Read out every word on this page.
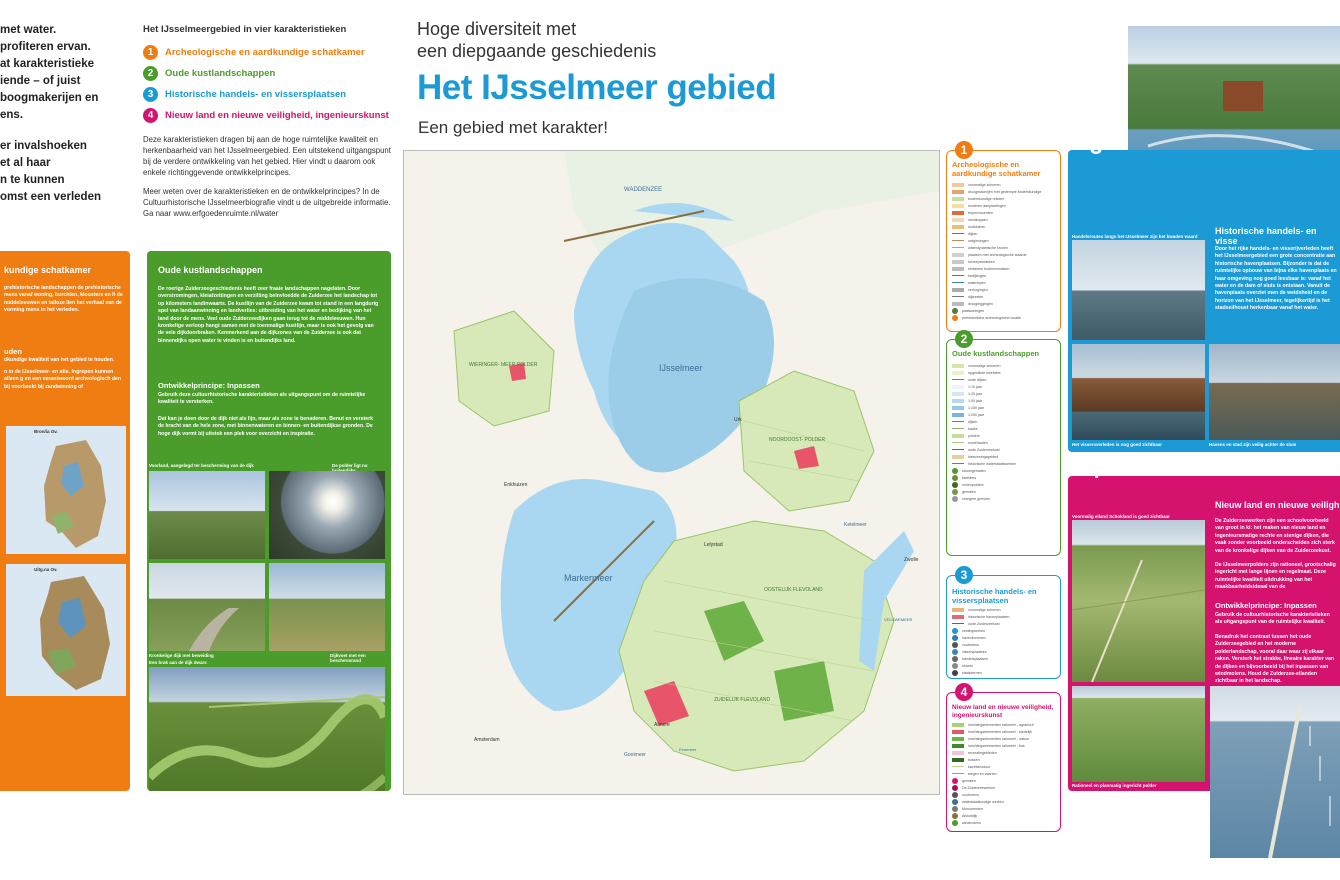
met water.
profiteren ervan.
at karakteristieke
iende – of juist
boogmakerijen en
ens.

er invalshoeken
et al haar
n te kunnen
omst een verleden

Het IJsselmeergebied in vier karakteristieken
1	Archeologische en aardkundige schatkamer
2	Oude kustlandschappen
3	Historische handels- en vissersplaatsen
4	Nieuw land en nieuwe veiligheid, ingenieurskunst

Deze karakteristieken dragen bij aan de hoge ruimtelijke kwaliteit en herkenbaarheid van het IJsselmeergebied. Een uitstekend uitgangspunt bij de verdere ontwikkeling van het gebied. Hier vindt u daarom ook enkele richtinggevende ontwikkelprincipes.

Meer weten over de karakteristieken en de ontwikkelprincipes? In de Cultuurhistorische IJsselmeerbiografie vindt u de uitgebreide informatie. Ga naar www.erfgoedenruimte.nl/water

Hoge diversiteit met
een diepgaande geschiedenis
Het IJsselmeer gebied
Een gebied met karakter!
kundige schatkamer
prehistorische landschappen de prehistorische mens vanaf woning, burchten, kloosters en lt de middeleeuwen en talloze llen het verhaal van de vorming mens in het verleden.
uden
dkundige kwaliteit van het gebied te houden.
n in de IJsselmeer- en atie. Ingrepen kunnen alleen g en een verantwoord archeologisch den bij voorbeeld bij zandwinning of
Bron/ia Ov.
Uitg.na Ov.
Oude kustlandschappen
De roerige Zuiderzeegeschiedenis heeft zeer fraaie landschappen nagelaten. Door overstromingen, kleiafzettingen en verzilting beïnvloedde de Zuiderzee het landschap tot op kilometers landinwaarts. De kustlijn van de Zuiderzee kwam tot stand in een langdurig spel van landaanwinning en landverlies: uitbreiding van het water en bedijking van het land door de mens. Veel oude Zuiderzeedijken gaan terug tot de middeleeuwen. Hun kronkelige verloop hangt samen met de toenmalige kustlijn, maar is ook het gevolg van de vele dijkdoorbraken. Kenmerkend aan de dijkzones van de Zuiderzee is ook dat binnendijks open water te vinden is en buitendijks land.
Ontwikkelprincipe: Inpassen
Gebruik deze cultuurhistorische karakteristieken als uitgangspunt om de ruimtelijke kwaliteit te versterken.
Dat kan je doen door de dijk niet als lijn, maar als zone te benaderen. Benut en versterk de kracht van de hele zone, met binnenwateren en binnen- en buitendijkse gronden. De hoge dijk vormt bij uitstek een plek voor overzicht en inspiratie.
Voorland, aangelegd ter bescherming van de dijk	De polder ligt nu
Kronkelige dijk met beweiding	Dijkvoet met een beschermrand
Een brak aan de dijk dwars
2
IJsselmeer
Markermeer
NOORDOOST- POLDER
WIERINGER- MEER POLDER
OOSTELIJK FLEVOLAND
ZUIDELIJK FLEVOLAND
Gooimeer
Ketelmeer
WADDENZEE
Lelystad
Almere
Enkhuizen
Urk
Amsterdam
Zwolle
VELUWEMEER
Eemmeer
1
Archeologische en aardkundige schatkamer
voormalige schorren
droogmakerijen met gedempte bodemkundige
bodemkundige relicten
moderne aanplantingen
terpen/woerden
zandkoppen
stuifduinen
dijken
ontginningen
waterdynamische kronen
plaatsen met archeologische waarde
scheepswrakken
restanten bodemvondsten
bedijkingen
waterlopen
verhogingen
dijkresten
droogleggingen
paalwoningen
prehistorische archeologische locatie
2
Oude kustlandschappen
voormalige schorren
opgeslibde kwelders
oude dijken
1:10 jaar
1:25 jaar
1:50 jaar
1:100 jaar
1:250 jaar
dijken
kades
polders
zomerkaden
oude Zuiderzeekust
kleiwinningsgebied
historische waterstaatswerken
stoomgemalen
kwelders
molenpolders
gemalen
vroegere grenzen
3
Historische handels- en vissersplaatsen
voormalige schorren
historische havenplaatsen
oude Zuiderzeekust
vestingwerken
havenkommen
vuurtorens
vissersplaatsen
handelsplaatsen
sluizen
stadskernen
4
Nieuw land en nieuwe veiligheid, ingenieurskunst
inrichtingselementen rationeel - agrarisch
inrichtingselementen rationeel - stedelijk
inrichtingselementen rationeel - natuur
inrichtingselementen rationeel - bos
recreatiegebieden
bossen
kavelstructuur
wegen en vaarten
gemalen
De Zuiderzeewerken
vuurtorens
waterstaatkundige werken
Monumenten
Afsluitdijk
windmolens
Historische handels- en visse
Door het rijke handels- en visserijverleden heeft het IJsselmeergebied een grote concentratie aan historische havenplaatsen. Bijzonder is dat de ruimtelijke opbouw van bijna elke havenplaats en haar omgeving nog goed leesbaar is: vanaf het water en de dam of sluis is ontstaan. Vanuit de havenplaats overziet men de weidsheid en de horizon van het IJsselmeer, tegelijkertijd is het stadssilhouet herkenbaar vanaf het water.
Handelsroutes langs het IJsselmeer zijn het kwaden waard
Het vissersverleden is nog goed zichtbaar	Havens en stad zijn veilig achter de sluis
3
Voormalig eiland Schokland is goed zichtbaar
Nieuw land en nieuwe veiligh
De Zuiderzeewerken zijn een schoolvoorbeeld van groot in ki: het maken van nieuw land en ingenieursmatige rechte en stenige dijken, die vaak zonder voorbeeld onderscheiden zich sterk van de kronkelige dijken van de Zuiderzeekust.
De IJsselmeerpolders zijn rationeel, grootschalig ingericht met lange lijnen en regelmaat. Deze ruimtelijke kwaliteit uitdrukking van het maakbaarheidsideaal van de
Ontwikkelprincipe: Inpassen
Gebruik de cultuurhistorische karakteristieken als uitgangspunt van de ruimtelijke kwaliteit.
Benadruk het contrast tussen het oude Zuiderzeegebied en het moderne polderlandschap, vooral daar waar zij elkaar raken. Versterk het strakke, lineaire karakter van de dijken en bijvoorbeeld bij het inpassen van windmolens. Houd de Zuiderzee-eilanden zichtbaar in het landschap.
Rationeel en planmatig ingericht polder
4
